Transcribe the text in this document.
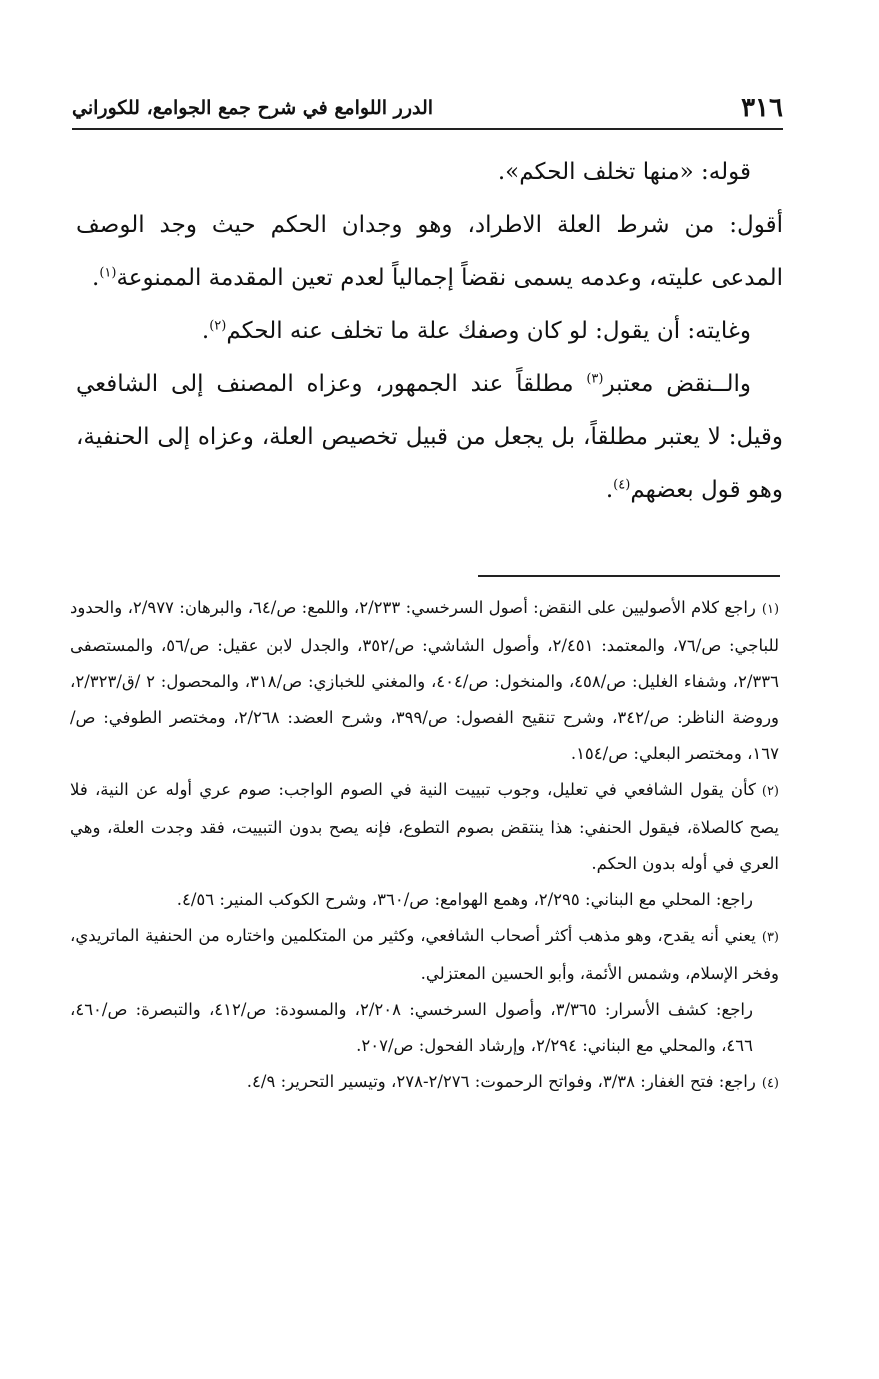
٣١٦
الدرر اللوامع في شرح جمع الجوامع، للكوراني

قوله: «منها تخلف الحكم».

أقول: من شرط العلة الاطراد، وهو وجدان الحكم حيث وجد الوصف المدعى عليته، وعدمه يسمى نقضاً إجمالياً لعدم تعين المقدمة الممنوعة$^{(١)}$.

وغايته: أن يقول: لو كان وصفك علة ما تخلف عنه الحكم$^{(٢)}$.

والــنقض معتبر$^{(٣)}$ مطلقاً عند الجمهور، وعزاه المصنف إلى الشافعي وقيل: لا يعتبر مطلقاً، بل يجعل من قبيل تخصيص العلة، وعزاه إلى الحنفية، وهو قول بعضهم$^{(٤)}$.

(١)راجع كلام الأصوليين على النقض: أصول السرخسي: ٢/٢٣٣، واللمع: ص/٦٤، والبرهان: ٢/٩٧٧، والحدود للباجي: ص/٧٦، والمعتمد: ٢/٤٥١، وأصول الشاشي: ص/٣٥٢، والجدل لابن عقيل: ص/٥٦، والمستصفى ٢/٣٣٦، وشفاء الغليل: ص/٤٥٨، والمنخول: ص/٤٠٤، والمغني للخبازي: ص/٣١٨، والمحصول: ٢ /ق/٢/٣٢٣، وروضة الناظر: ص/٣٤٢، وشرح تنقيح الفصول: ص/٣٩٩، وشرح العضد: ٢/٢٦٨، ومختصر الطوفي: ص/١٦٧، ومختصر البعلي: ص/١٥٤.

(٢)كأن يقول الشافعي في تعليل، وجوب تبييت النية في الصوم الواجب: صوم عري أوله عن النية، فلا يصح كالصلاة، فيقول الحنفي: هذا ينتقض بصوم التطوع، فإنه يصح بدون التبييت، فقد وجدت العلة، وهي العري في أوله بدون الحكم.

راجع: المحلي مع البناني: ٢/٢٩٥، وهمع الهوامع: ص/٣٦٠، وشرح الكوكب المنير: ٤/٥٦.

(٣)يعني أنه يقدح، وهو مذهب أكثر أصحاب الشافعي، وكثير من المتكلمين واختاره من الحنفية الماتريدي، وفخر الإسلام، وشمس الأئمة، وأبو الحسين المعتزلي.

راجع: كشف الأسرار: ٣/٣٦٥، وأصول السرخسي: ٢/٢٠٨، والمسودة: ص/٤١٢، والتبصرة: ص/٤٦٠، ٤٦٦، والمحلي مع البناني: ٢/٢٩٤، وإرشاد الفحول: ص/٢٠٧.

(٤)راجع: فتح الغفار: ٣/٣٨، وفواتح الرحموت: ٢/٢٧٦-٢٧٨، وتيسير التحرير: ٤/٩.
